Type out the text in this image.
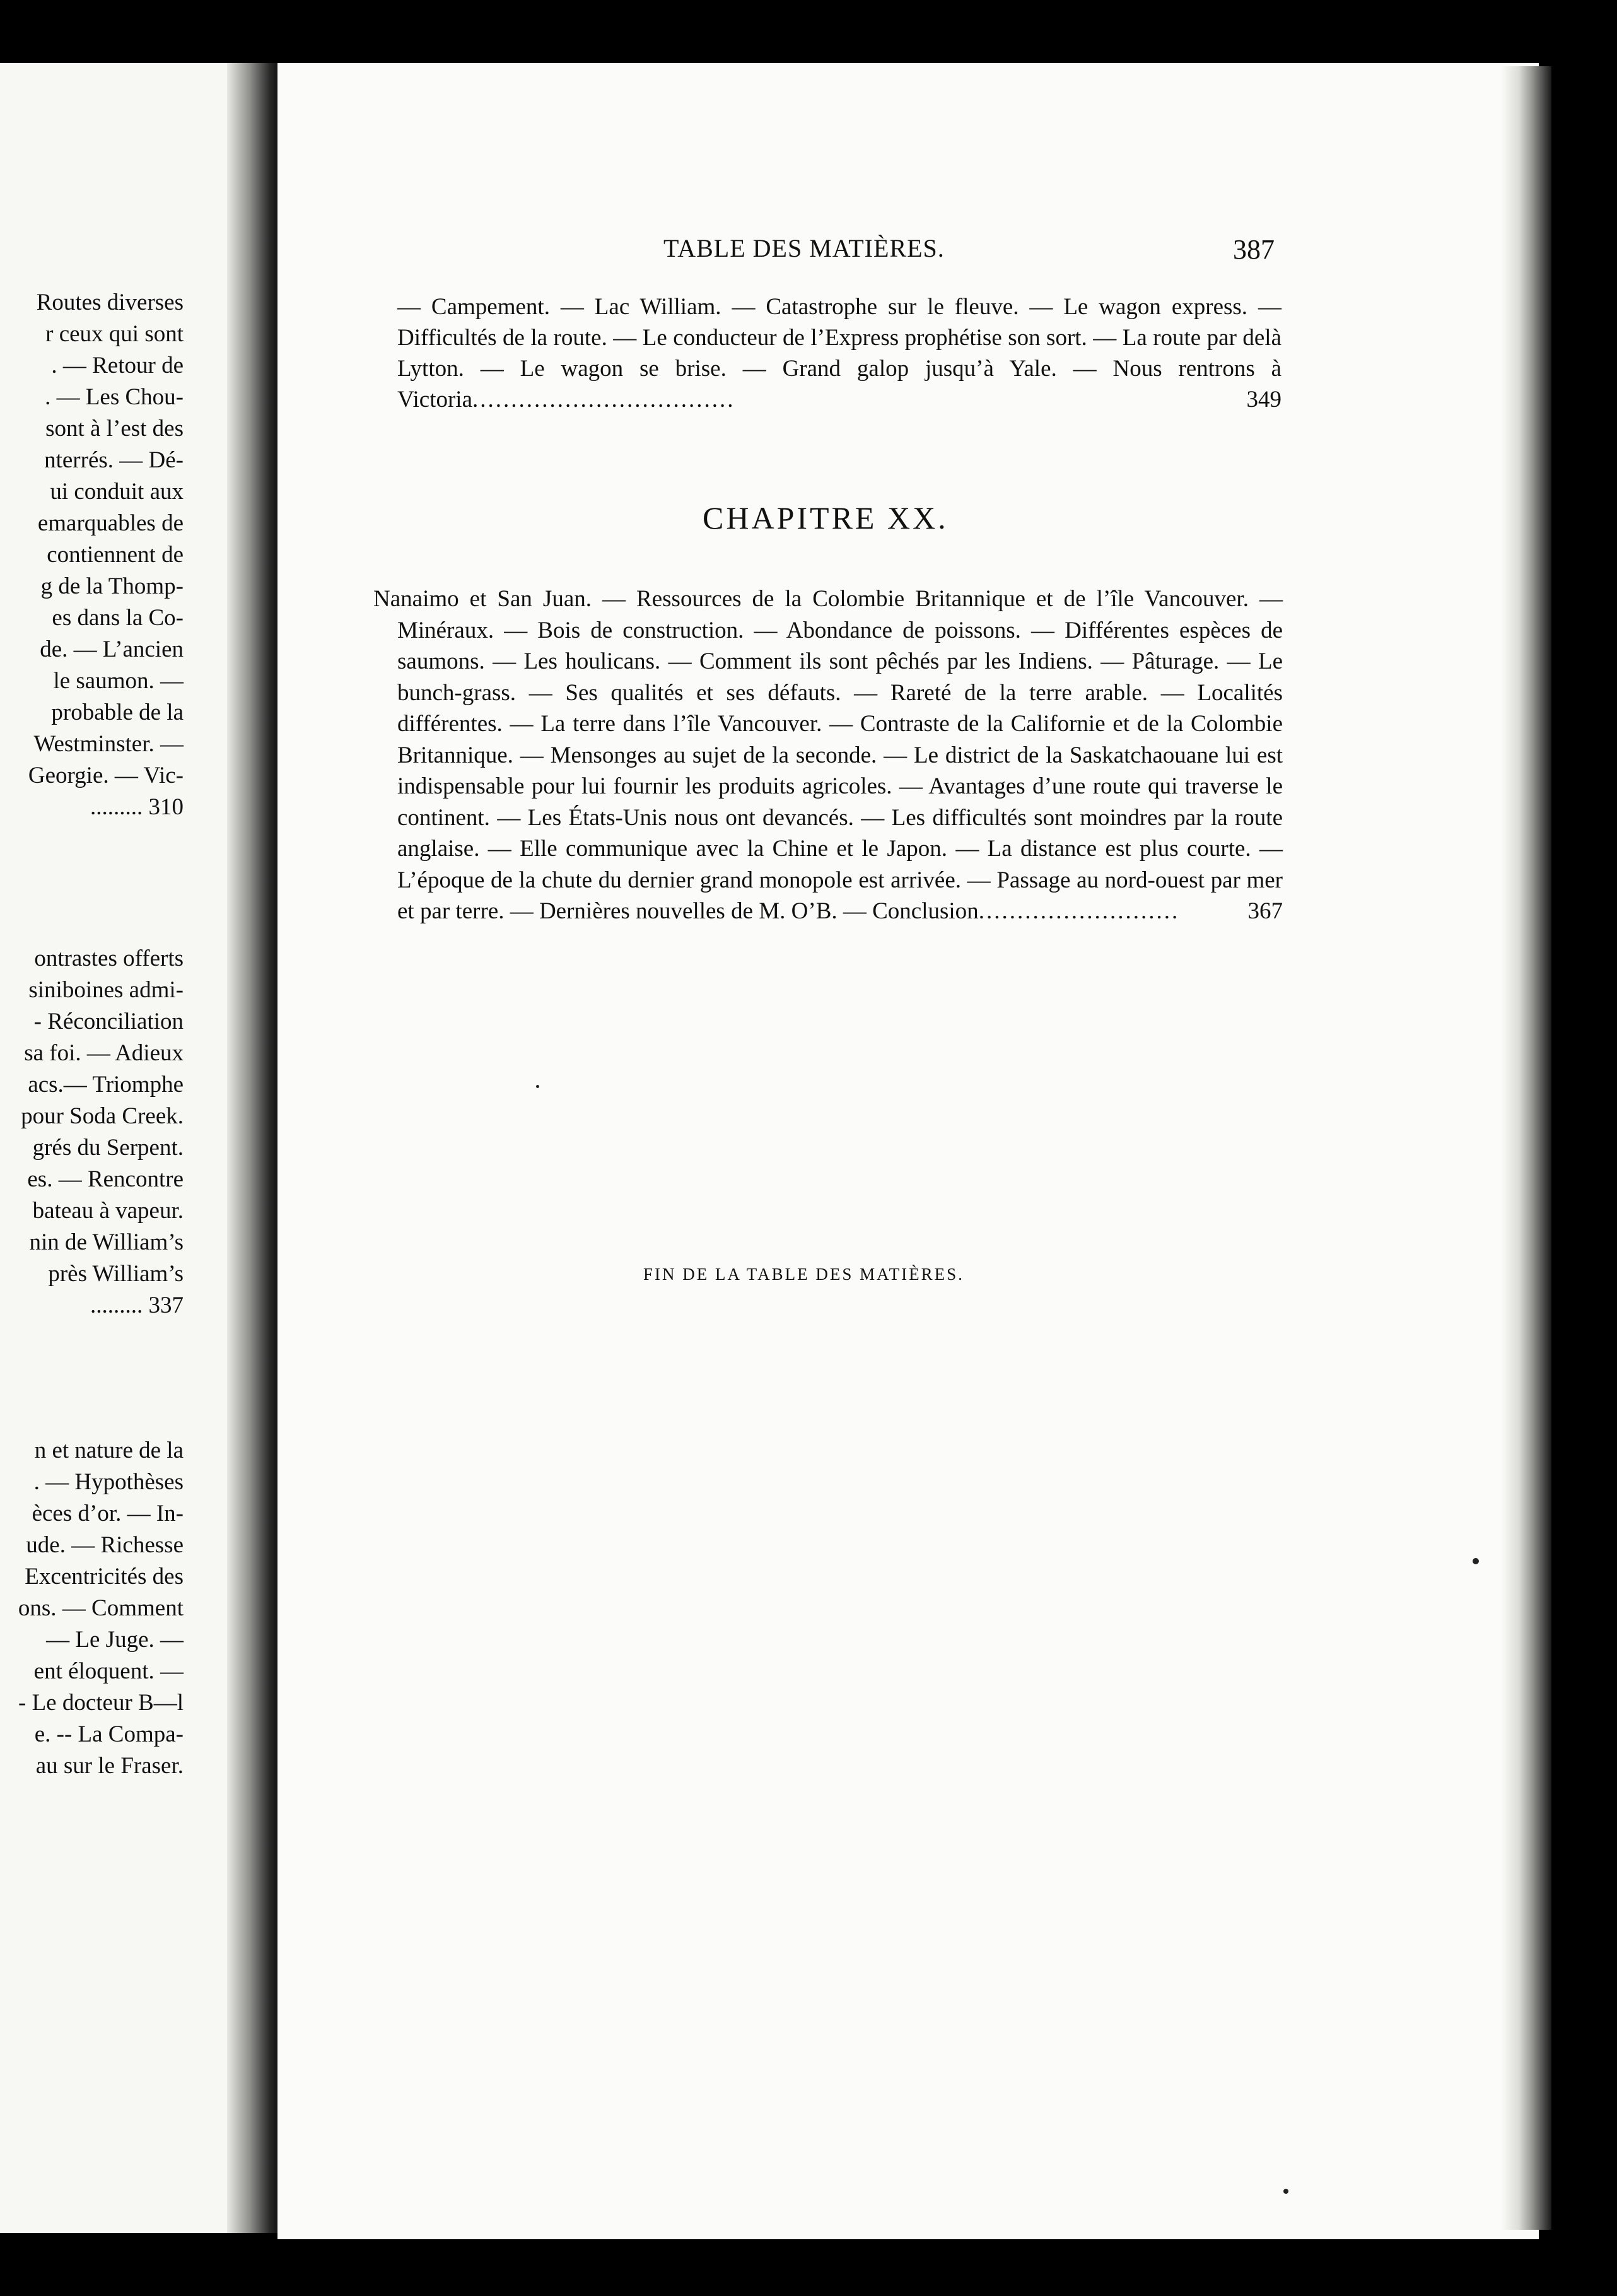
Routes diverses
r ceux qui sont
. — Retour de
. — Les Chou-
sont à l’est des
nterrés. — Dé-
ui conduit aux
emarquables de
contiennent de
g de la Thomp-
es dans la Co-
de. — L’ancien
le saumon. —
probable de la
Westminster. —
Georgie. — Vic-
......... 310
ontrastes offerts
siniboines admi-
- Réconciliation
sa foi. — Adieux
acs.— Triomphe
pour Soda Creek.
grés du Serpent.
es. — Rencontre
bateau à vapeur.
nin de William’s
près William’s
......... 337
n et nature de la
. — Hypothèses
èces d’or. — In-
ude. — Richesse
Excentricités des
ons. — Comment
— Le Juge. —
ent éloquent. —
- Le docteur B—l
e. -- La Compa-
au sur le Fraser.
TABLE DES MATIÈRES.	387
— Campement. — Lac William. — Catastrophe sur le fleuve. — Le wagon express. — Difficultés de la route. — Le conducteur de l’Express prophétise son sort. — La route par delà Lytton. — Le wagon se brise. — Grand galop jusqu’à Yale. — Nous rentrons à Victoria..................................	349
CHAPITRE XX.
Nanaimo et San Juan. — Ressources de la Colombie Britannique et de l’île Vancouver. — Minéraux. — Bois de construction. — Abondance de poissons. — Différentes espèces de saumons. — Les houlicans. — Comment ils sont pêchés par les Indiens. — Pâturage. — Le bunch-grass. — Ses qualités et ses défauts. — Rareté de la terre arable. — Localités différentes. — La terre dans l’île Vancouver. — Contraste de la Californie et de la Colombie Britannique. — Mensonges au sujet de la seconde. — Le district de la Saskatchaouane lui est indispensable pour lui fournir les produits agricoles. — Avantages d’une route qui traverse le continent. — Les États-Unis nous ont devancés. — Les difficultés sont moindres par la route anglaise. — Elle communique avec la Chine et le Japon. — La distance est plus courte. — L’époque de la chute du dernier grand monopole est arrivée. — Passage au nord-ouest par mer et par terre. — Dernières nouvelles de M. O’B. — Conclusion..........................	367
FIN DE LA TABLE DES MATIÈRES.
